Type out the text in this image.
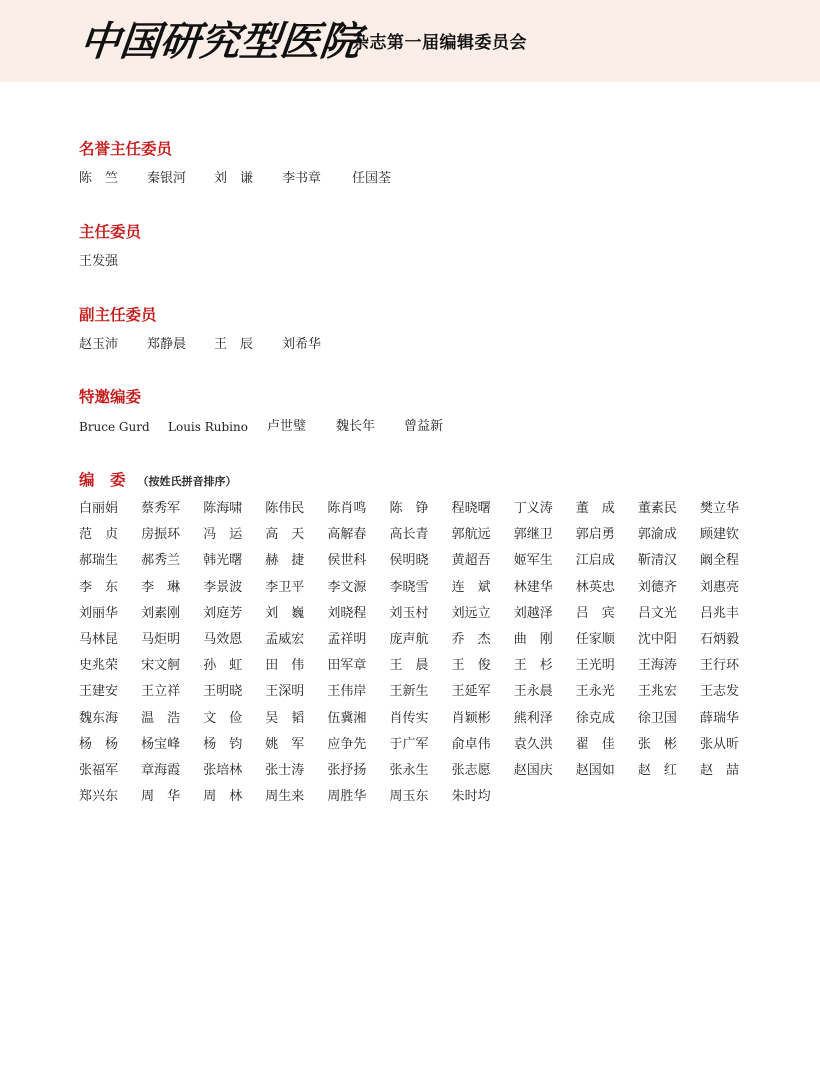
中国研究型医院
杂志第一届编辑委员会
名誉主任委员
陈　竺 秦银河 刘　谦 李书章 任国荃
主任委员
王发强
副主任委员
赵玉沛 郑静晨 王　辰 刘希华
特邀编委
Bruce Gurd Louis Rubino 卢世璧 魏长年 曾益新
编　委 （按姓氏拼音排序）
白丽娟	蔡秀军	陈海啸	陈伟民	陈肖鸣	陈　铮	程晓曙	丁义涛	董　成	董素民	樊立华
范　贞	房振环	冯　运	高　天	高解春	高长青	郭航远	郭继卫	郭启勇	郭渝成	顾建钦
郝瑞生	郝秀兰	韩光曙	赫　捷	侯世科	侯明晓	黄超吾	姬军生	江启成	靳清汉	阚全程
李　东	李　琳	李景波	李卫平	李文源	李晓雪	连　斌	林建华	林英忠	刘德齐	刘惠亮
刘丽华	刘素刚	刘庭芳	刘　巍	刘晓程	刘玉村	刘远立	刘越泽	吕　宾	吕文光	吕兆丰
马林昆	马炬明	马效恩	孟威宏	孟祥明	庞声航	乔　杰	曲　刚	任家顺	沈中阳	石炳毅
史兆荣	宋文舸	孙　虹	田　伟	田军章	王　晨	王　俊	王　杉	王光明	王海涛	王行环
王建安	王立祥	王明晓	王深明	王伟岸	王新生	王延军	王永晨	王永光	王兆宏	王志发
魏东海	温　浩	文　俭	吴　韬	伍冀湘	肖传实	肖颖彬	熊利泽	徐克成	徐卫国	薛瑞华
杨　杨	杨宝峰	杨　钧	姚　军	应争先	于广军	俞卓伟	袁久洪	翟　佳	张　彬	张从昕
张福军	章海霞	张培林	张士涛	张抒扬	张永生	张志愿	赵国庆	赵国如	赵　红	赵　喆
郑兴东	周　华	周　林	周生来	周胜华	周玉东	朱时均
